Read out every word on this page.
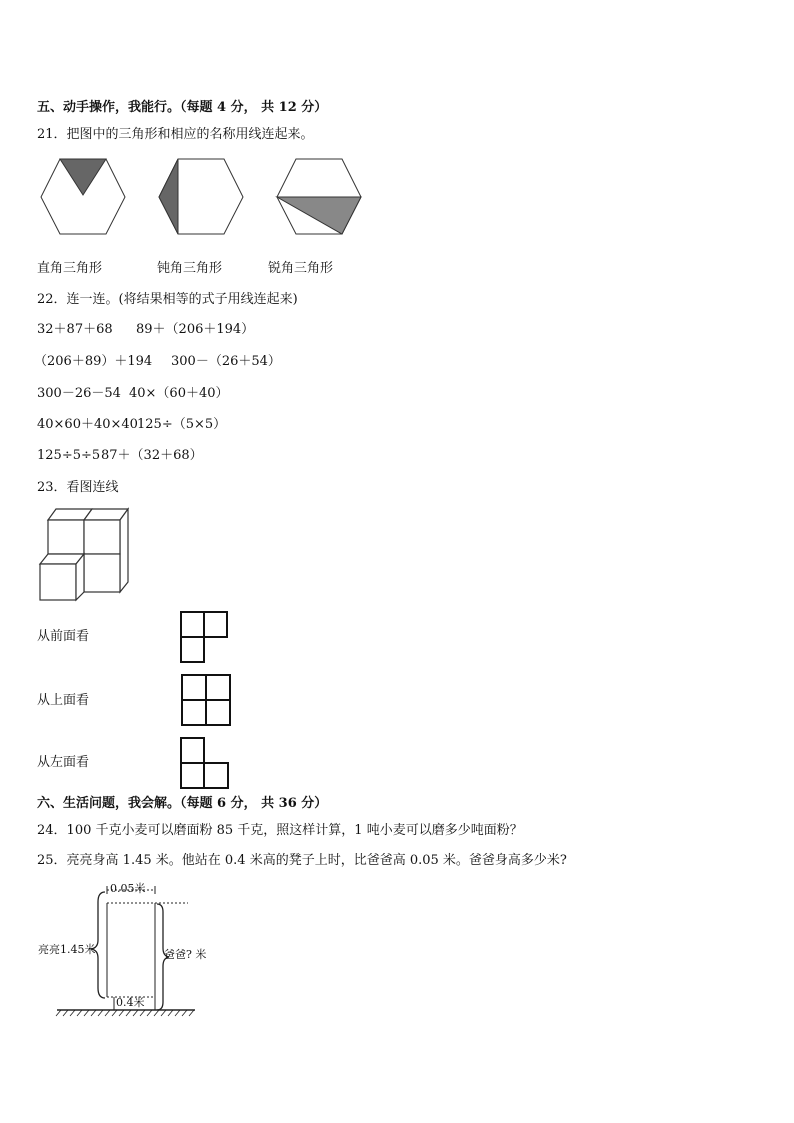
五、动手操作，我能行。（每题 4 分， 共 12 分）
21．把图中的三角形和相应的名称用线连起来。
直角三角形	钝角三角形	锐角三角形
22．连一连。(将结果相等的式子用线连起来)
32＋87＋68 89＋（206＋194）
（206＋89）＋194 300－（26＋54）
300－26－54 40×（60＋40）
40×60＋40×40 125÷（5×5）
125÷5÷5 87＋（32＋68）
23．看图连线
从前面看
从上面看
从左面看
六、生活问题，我会解。（每题 6 分， 共 36 分）
24．100 千克小麦可以磨面粉 85 千克，照这样计算，1 吨小麦可以磨多少吨面粉？
25．亮亮身高 1.45 米。他站在 0.4 米高的凳子上时，比爸爸高 0.05 米。爸爸身高多少米?
0.05米
亮亮1.45米	爸爸? 米
0.4米
